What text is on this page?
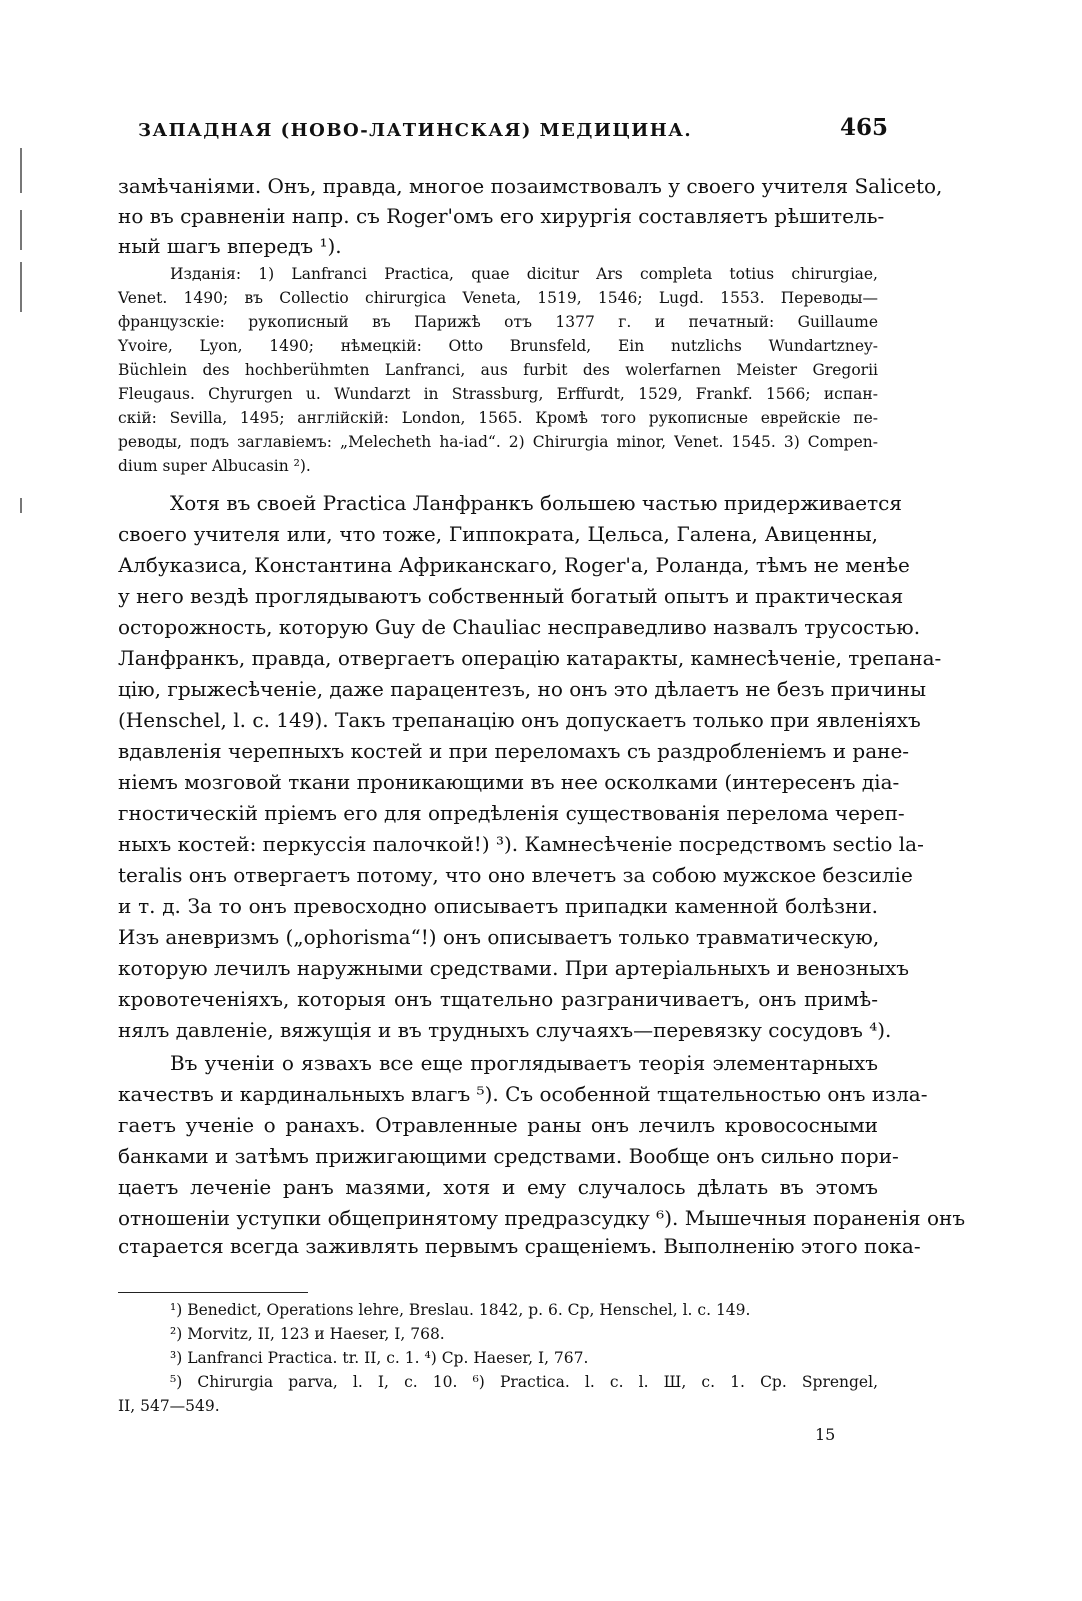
ЗАПАДНАЯ (НОВО-ЛАТИНСКАЯ) МЕДИЦИНА.	465
замѣчаніями. Онъ, правда, многое позаимствовалъ у своего учителя Salicetо,
но въ сравненіи напр. съ Roger'омъ его хирургія составляетъ рѣшитель-
ный шагъ впередъ ¹).
Изданія: 1) Lanfranci Practica, quae dicitur Ars completa totius chirurgiae,
Venet. 1490; въ Collectio chirurgica Veneta, 1519, 1546; Lugd. 1553. Переводы—
французскіе: рукописный въ Парижѣ отъ 1377 г. и печатный: Guillaume
Yvoire, Lyon, 1490; нѣмецкій: Otto Brunsfeld, Ein nutzlichs Wundartzney-
Büchlein des hochberühmten Lanfranci, aus furbit des wolerfarnen Meister Gregorii
Fleugaus. Chyrurgen u. Wundarzt in Strassburg, Erffurdt, 1529, Frankf. 1566; испан-
скій: Sevilla, 1495; англійскій: London, 1565. Кромѣ того рукописные еврейскіе пе-
реводы, подъ заглавіемъ: „Melecheth ha-iad“. 2) Chirurgia minor, Venet. 1545. 3) Compen-
dium super Albucasin ²).
Хотя въ своей Practica Ланфранкъ большею частью придерживается
своего учителя или, что тоже, Гиппократа, Цельса, Галена, Авиценны,
Албуказиса, Константина Африканскаго, Roger'a, Роланда, тѣмъ не менѣе
у него вездѣ проглядываютъ собственный богатый опытъ и практическая
осторожность, которую Guy de Chauliac несправедливо назвалъ трусостью.
Ланфранкъ, правда, отвергаетъ операцію катаракты, камнесѣченіе, трепана-
цію, грыжесѣченіе, даже парацентезъ, но онъ это дѣлаетъ не безъ причины
(Henschel, l. c. 149). Такъ трепанацію онъ допускаетъ только при явленіяхъ
вдавленія черепныхъ костей и при переломахъ съ раздробленіемъ и ране-
ніемъ мозговой ткани проникающими въ нее осколками (интересенъ діа-
гностическій пріемъ его для опредѣленія существованія перелома череп-
ныхъ костей: перкуссія палочкой!) ³). Камнесѣченіе посредствомъ sectio la-
teralis онъ отвергаетъ потому, что оно влечетъ за собою мужское безсиліе
и т. д. За то онъ превосходно описываетъ припадки каменной болѣзни.
Изъ аневризмъ („ophorisma“!) онъ описываетъ только травматическую,
которую лечилъ наружными средствами. При артеріальныхъ и венозныхъ
кровотеченіяхъ, которыя онъ тщательно разграничиваетъ, онъ примѣ-
нялъ давленіе, вяжущія и въ трудныхъ случаяхъ—перевязку сосудовъ ⁴).
Въ ученіи о язвахъ все еще проглядываетъ теорія элементарныхъ
качествъ и кардинальныхъ влагъ ⁵). Съ особенной тщательностью онъ изла-
гаетъ ученіе о ранахъ. Отравленные раны онъ лечилъ кровососными
банками и затѣмъ прижигающими средствами. Вообще онъ сильно пори-
цаетъ леченіе ранъ мазями, хотя и ему случалось дѣлать въ этомъ
отношеніи уступки общепринятому предразсудку ⁶). Мышечныя пораненія онъ
старается всегда заживлять первымъ сращеніемъ. Выполненію этого пока-
¹) Benedict, Operations lehre, Breslau. 1842, p. 6. Cp, Henschel, l. c. 149.
²) Morvitz, II, 123 и Haeser, I, 768.
³) Lanfranci Practica. tr. II, c. 1. ⁴) Cp. Haeser, I, 767.
⁵) Chirurgia parva, l. I, c. 10. ⁶) Practica. l. c. l. Ш, c. 1. Cp. Sprengel,
II, 547—549.
15
